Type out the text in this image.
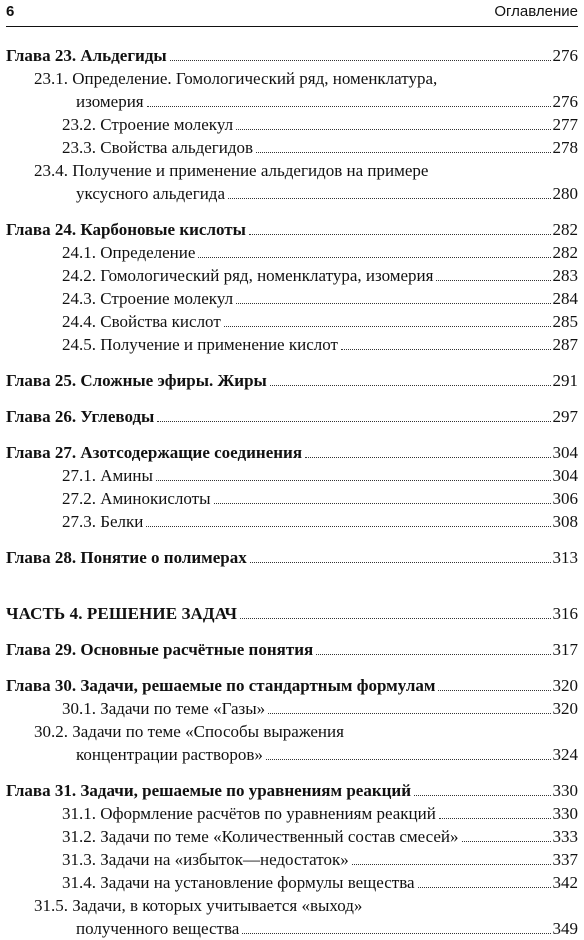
6	Оглавление
Глава 23. Альдегиды	276
23.1. Определение. Гомологический ряд, номенклатура,
изомерия	276
23.2. Строение молекул	277
23.3. Свойства альдегидов	278
23.4. Получение и применение альдегидов на примере
уксусного альдегида	280
Глава 24. Карбоновые кислоты	282
24.1. Определение	282
24.2. Гомологический ряд, номенклатура, изомерия	283
24.3. Строение молекул	284
24.4. Свойства кислот	285
24.5. Получение и применение кислот	287
Глава 25. Сложные эфиры. Жиры	291
Глава 26. Углеводы	297
Глава 27. Азотсодержащие соединения	304
27.1. Амины	304
27.2. Аминокислоты	306
27.3. Белки	308
Глава 28. Понятие о полимерах	313
ЧАСТЬ 4. РЕШЕНИЕ ЗАДАЧ	316
Глава 29. Основные расчётные понятия	317
Глава 30. Задачи, решаемые по стандартным формулам	320
30.1. Задачи по теме «Газы»	320
30.2. Задачи по теме «Способы выражения
концентрации растворов»	324
Глава 31. Задачи, решаемые по уравнениям реакций	330
31.1. Оформление расчётов по уравнениям реакций	330
31.2. Задачи по теме «Количественный состав смесей»	333
31.3. Задачи на «избыток—недостаток»	337
31.4. Задачи на установление формулы вещества	342
31.5. Задачи, в которых учитывается «выход»
полученного вещества	349
